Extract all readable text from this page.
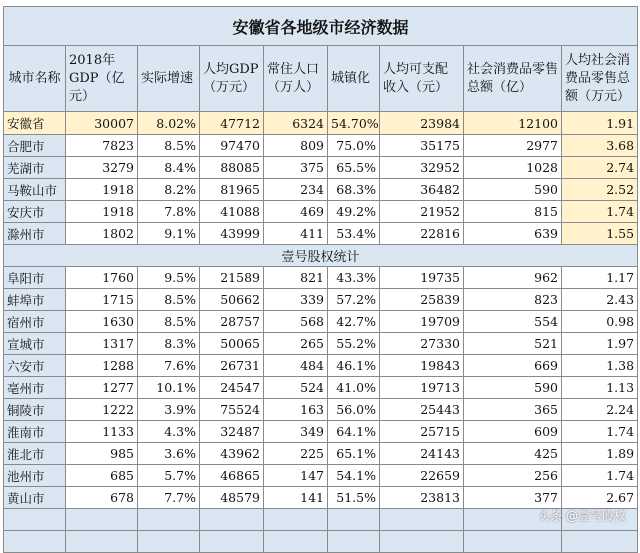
安徽省各地级市经济数据								
城市名称	2018年GDP（亿元）	实际增速	人均GDP（万元）	常住人口（万人）	城镇化	人均可支配收入（元）	社会消费品零售总额（亿）	人均社会消费品零售总额（万元）
安徽省	30007	8.02%	47712	6324	54.70%	23984	12100	1.91
合肥市	7823	8.5%	97470	809	75.0%	35175	2977	3.68
芜湖市	3279	8.4%	88085	375	65.5%	32952	1028	2.74
马鞍山市	1918	8.2%	81965	234	68.3%	36482	590	2.52
安庆市	1918	7.8%	41088	469	49.2%	21952	815	1.74
滁州市	1802	9.1%	43999	411	53.4%	22816	639	1.55
壹号股权统计								
阜阳市	1760	9.5%	21589	821	43.3%	19735	962	1.17
蚌埠市	1715	8.5%	50662	339	57.2%	25839	823	2.43
宿州市	1630	8.5%	28757	568	42.7%	19709	554	0.98
宣城市	1317	8.3%	50065	265	55.2%	27330	521	1.97
六安市	1288	7.6%	26731	484	46.1%	19843	669	1.38
亳州市	1277	10.1%	24547	524	41.0%	19713	590	1.13
铜陵市	1222	3.9%	75524	163	56.0%	25443	365	2.24
淮南市	1133	4.3%	32487	349	64.1%	25715	609	1.74
淮北市	985	3.6%	43962	225	65.1%	24143	425	1.89
池州市	685	5.7%	46865	147	54.1%	22659	256	1.74
黄山市	678	7.7%	48579	141	51.5%	23813	377	2.67

头条 @壹号股权
